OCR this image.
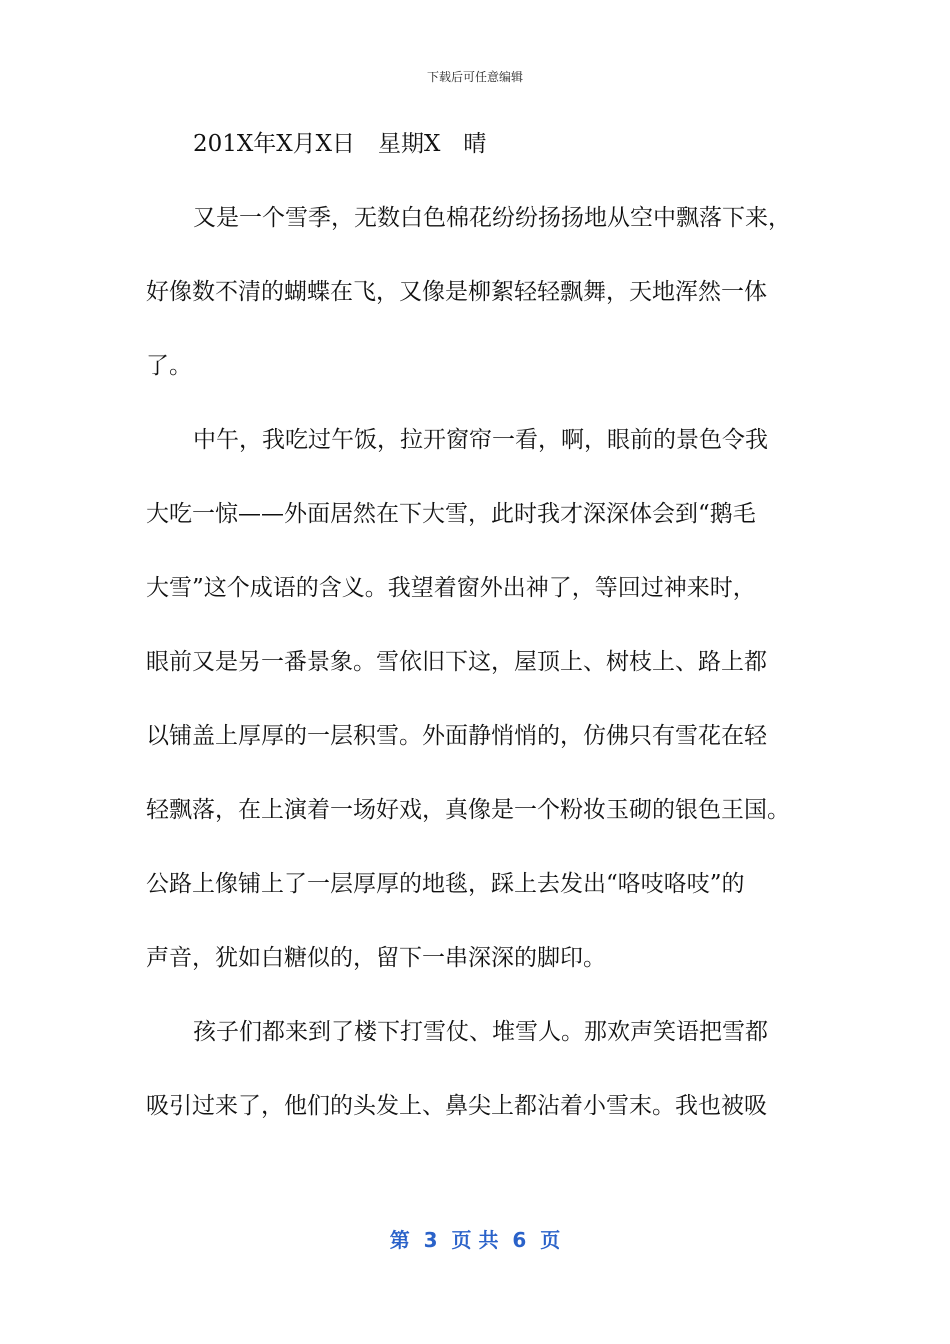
下载后可任意编辑
201X年X月X日　星期X　晴
又是一个雪季，无数白色棉花纷纷扬扬地从空中飘落下来，
好像数不清的蝴蝶在飞，又像是柳絮轻轻飘舞，天地浑然一体
了。
中午，我吃过午饭，拉开窗帘一看，啊，眼前的景色令我
大吃一惊——外面居然在下大雪，此时我才深深体会到“鹅毛
大雪”这个成语的含义。我望着窗外出神了，等回过神来时，
眼前又是另一番景象。雪依旧下这，屋顶上、树枝上、路上都
以铺盖上厚厚的一层积雪。外面静悄悄的，仿佛只有雪花在轻
轻飘落，在上演着一场好戏，真像是一个粉妆玉砌的银色王国。
公路上像铺上了一层厚厚的地毯，踩上去发出“咯吱咯吱”的
声音，犹如白糖似的，留下一串深深的脚印。
孩子们都来到了楼下打雪仗、堆雪人。那欢声笑语把雪都
吸引过来了，他们的头发上、鼻尖上都沾着小雪末。我也被吸
第  3  页 共  6  页
